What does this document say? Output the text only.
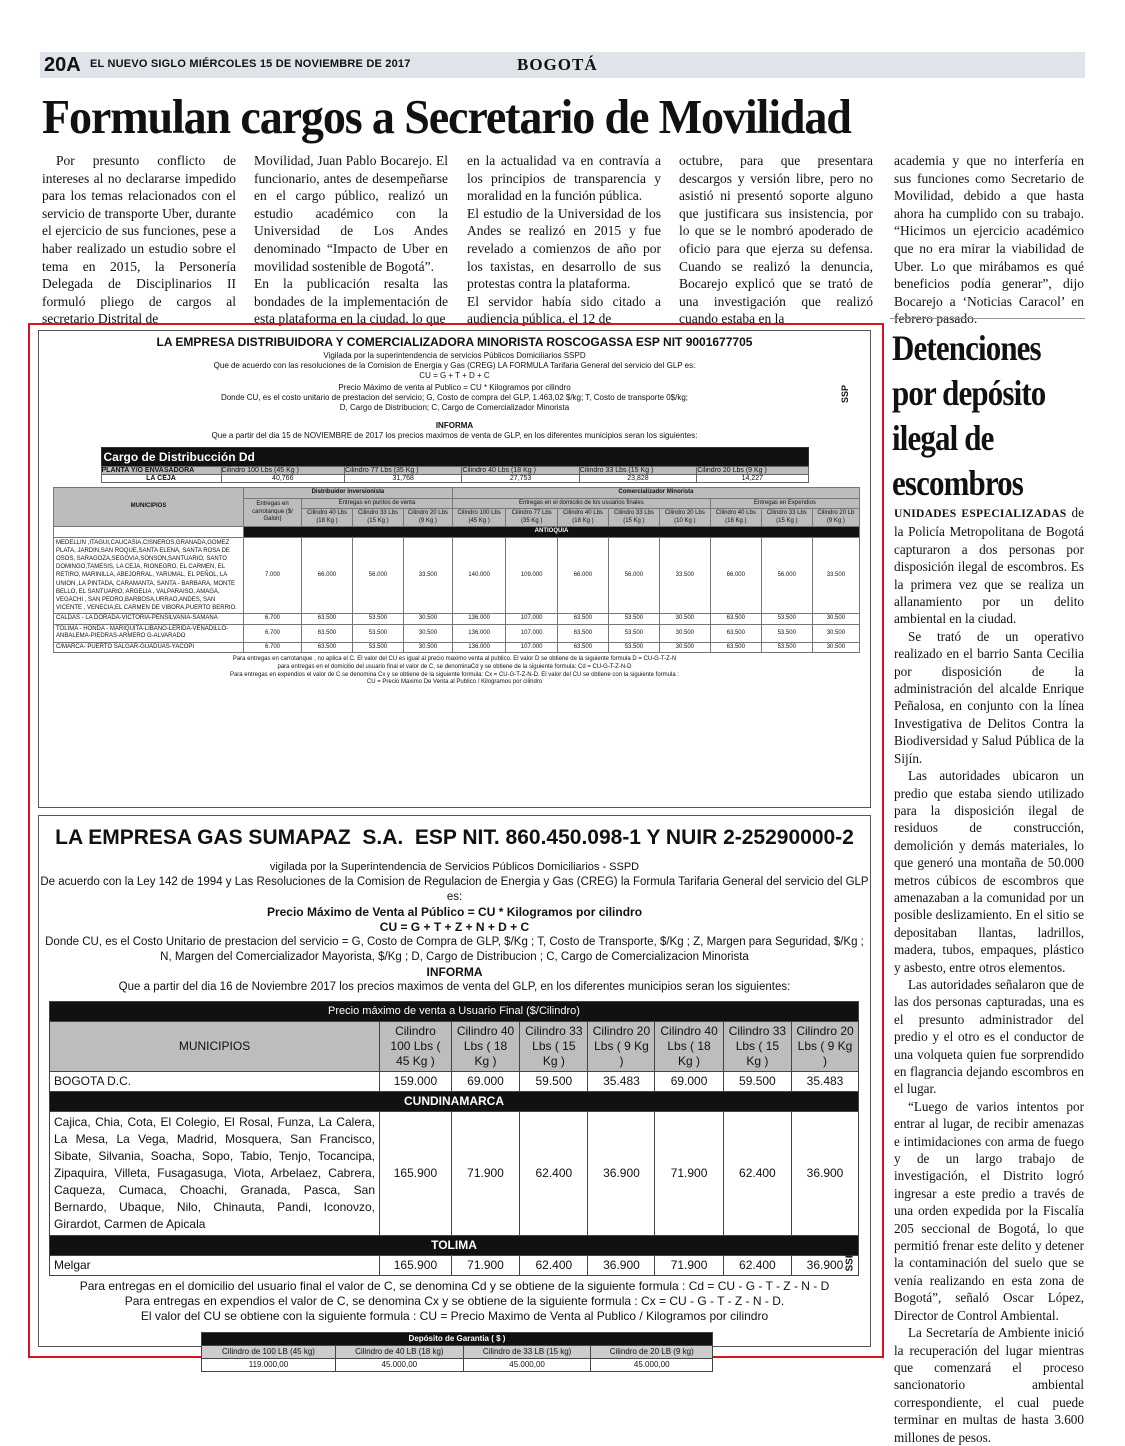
20A EL NUEVO SIGLO MIÉRCOLES 15 DE NOVIEMBRE DE 2017	BOGOTÁ
Formulan cargos a Secretario de Movilidad

Por presunto conflicto de intereses al no declararse impedido para los temas relacionados con el servicio de transporte Uber, durante el ejercicio de sus funciones, pese a haber realizado un estudio sobre el tema en 2015, la Personería Delegada de Disciplinarios II formuló pliego de cargos al secretario Distrital de

Movilidad, Juan Pablo Bocarejo. El funcionario, antes de desempeñarse en el cargo público, realizó un estudio académico con la Universidad de Los Andes denominado “Impacto de Uber en movilidad sostenible de Bogotá”.
En la publicación resalta las bondades de la implementación de esta plataforma en la ciudad, lo que
en la actualidad va en contravía a los principios de transparencia y moralidad en la función pública.
El estudio de la Universidad de los Andes se realizó en 2015 y fue revelado a comienzos de año por los taxistas, en desarrollo de sus protestas contra la plataforma.
El servidor había sido citado a audiencia pública, el 12 de

octubre, para que presentara descargos y versión libre, pero no asistió ni presentó soporte alguno que justificara sus insistencia, por lo que se le nombró apoderado de oficio para que ejerza su defensa. Cuando se realizó la denuncia, Bocarejo explicó que se trató de una investigación que realizó cuando estaba en la

academia y que no interfería en sus funciones como Secretario de Movilidad, debido a que hasta ahora ha cumplido con su trabajo. “Hicimos un ejercicio académico que no era mirar la viabilidad de Uber. Lo que mirábamos es qué beneficios podía generar”, dijo Bocarejo a ‘Noticias Caracol’ en febrero pasado.

LA EMPRESA DISTRIBUIDORA Y COMERCIALIZADORA MINORISTA ROSCOGASSA ESP NIT 9001677705
Vigilada por la superintendencia de servicios Públicos Domiciliarios SSPD
Que de acuerdo con las resoluciones de la Comision de Energia y Gas (CREG) LA FORMULA Tarifaria General del servicio del GLP es:
CU = G + T + D + C
Precio Máximo de venta al Publico = CU * Kilogramos por cilindro
Donde CU, es el costo unitario de prestacion del servicio; G, Costo de compra del GLP, 1.463,02 $/kg; T, Costo de transporte 0$/kg;
D, Cargo de Distribucion; C, Cargo de Comercializador Minorista
INFORMA
Que a partir del dia 15 de NOVIEMBRE de 2017 los precios maximos de venta de GLP, en los diferentes municipios seran los siguientes:
SSP
Cargo de Distribucción Dd					
PLANTA Y/O ENVASADORA	Cilindro 100 Lbs (45 Kg )	Cilindro 77 Lbs (35 Kg )	Cilindro 40 Lbs (18 Kg )	Cilindro 33 Lbs (15 Kg )	Cilindro 20 Lbs (9 Kg )
LA CEJA	40,766	31,768	27,753	23,828	14,227
MUNICIPIOS	Distribuidor inversionista				Comercializador Minorista							
	Entregas en carrotanque ($/ Galon)	Entregas en puntos de venta			Entregas en el domicilio de los usuarios finales					Entregas en Expendios		
		Cilindro 40 Lbs (18 Kg )	Cilindro 33 Lbs (15 Kg )	Cilindro 20 Lbs (9 Kg )	Cilindro 100 Lbs (45 Kg )	Cilindro 77 Lbs (35 Kg )	Cilindro 40 Lbs (18 Kg )	Cilindro 33 Lbs (15 Kg )	Cilindro 20 Lbs (10 Kg )	Cilindro 40 Lbs (18 Kg )	Cilindro 33 Lbs (15 Kg )	Cilindro 20 Lb (9 Kg )
	ANTIOQUIA											
MEDELLIN ,ITAGUI,CAUCASIA,CISNEROS,GRANADA,GOMEZ PLATA, JARDIN,SAN ROQUE,SANTA ELENA, SANTA ROSA DE OSOS, SARAGOZA,SEGOVIA,SONSON,SANTUARIO, SANTO DOMINGO,TAMESIS, LA CEJA, RIONEGRO, EL CARMEN, EL RETIRO, MARINILLA, ABEJORRAL, YARUMAL, EL PEÑOL, LA UNION ,LA PINTADA, CARAMANTA, SANTA - BARBARA, MONTE BELLO, EL SANTUARIO, ARGELIA , VALPARAISO, AMAGA, VEGACHI , SAN PEDRO,BARBOSA,URRAO,ANDES, SAN VICENTE , VENECIA,EL CARMEN DE VIBORA,PUERTO BERRIO.	7.000	66.000	56.000	33.500	140.000	109.000	66.000	56.000	33.500	66.000	56.000	33.500
CALDAS - LA DORADA-VICTORIA-PENSILVANIA-SAMANA	6.700	63.500	53.500	30.500	136.000	107.000	63.500	53.500	30.500	63.500	53.500	30.500
TOLIMA - HONDA - MARIQUITA-LIBANO-LERIDA-VENADILLO-ANBALEMA-PIEDRAS-ARMERO G-ALVARADO	6.700	63.500	53.500	30.500	136.000	107.000	63.500	53.500	30.500	63.500	53.500	30.500
C/MARCA- PUERTO SALGAR-GUADUAS-YACOPI	6.700	63.500	53.500	30.500	136.000	107.000	63.500	53.500	30.500	63.500	53.500	30.500
Para entregas en carrotanque , no aplica el C. El valor del CU es igual al precio maximo venta al publico. El valor D se obtiene de la siguiente formula D = CU-G-T-Z-N
para entregas en el domicilio del usuario final el valor de C, se denominaCd y se obtiene de la siguiente formula: Cd = CU-G-T-Z-N-D
Para entregas en expendios el valor de C se denomina Cx y se obtiene de la siguiente formula: Cx = CU-G-T-Z-N-D. El valor del CU se obtiene con la siguiente formula :
CU = Precio Maximo De Venta al Publico / Kilogramos por cilindro
LA EMPRESA GAS SUMAPAZ  S.A.  ESP NIT. 860.450.098-1 Y NUIR 2-25290000-2
vigilada por la Superintendencia de Servicios Públicos Domiciliarios - SSPD
De acuerdo con la Ley 142 de 1994 y Las Resoluciones de la Comision de Regulacion de Energia y Gas (CREG) la Formula Tarifaria General del servicio del GLP es:
Precio Máximo de Venta al Público = CU * Kilogramos por cilindro
CU = G + T + Z + N + D + C
Donde CU, es el Costo Unitario de prestacion del servicio = G, Costo de Compra de GLP, $/Kg ; T, Costo de Transporte, $/Kg ; Z, Margen para Seguridad, $/Kg ;
N, Margen del Comercializador Mayorista, $/Kg ; D, Cargo de Distribucion ; C, Cargo de Comercializacion Minorista
INFORMA
Que a partir del dia 16 de Noviembre 2017 los precios maximos de venta del GLP, en los diferentes municipios seran los siguientes:
Precio máximo de venta a Usuario Final ($/Cilindro)							
MUNICIPIOS	Cilindro 100 Lbs ( 45 Kg )	Cilindro 40 Lbs ( 18 Kg )	Cilindro 33 Lbs ( 15 Kg )	Cilindro 20 Lbs ( 9 Kg )	Cilindro 40 Lbs ( 18 Kg )	Cilindro 33 Lbs ( 15 Kg )	Cilindro 20 Lbs ( 9 Kg )
BOGOTA D.C.	159.000	69.000	59.500	35.483	69.000	59.500	35.483
CUNDINAMARCA							
Cajica, Chia, Cota, El Colegio, El Rosal, Funza, La Calera, La Mesa, La Vega, Madrid, Mosquera, San Francisco, Sibate, Silvania, Soacha, Sopo, Tabio, Tenjo, Tocancipa, Zipaquira, Villeta, Fusagasuga, Viota, Arbelaez, Cabrera, Caqueza, Cumaca, Choachi, Granada, Pasca, San Bernardo, Ubaque, Nilo, Chinauta, Pandi, Iconονzo, Girardot, Carmen de Apicala	165.900	71.900	62.400	36.900	71.900	62.400	36.900
TOLIMA							
Melgar	165.900	71.900	62.400	36.900	71.900	62.400	36.900
Para entregas en el domicilio del usuario final el valor de C, se denomina Cd y se obtiene de la siguiente formula : Cd = CU - G - T - Z - N - D
Para entregas en expendios el valor de C, se denomina Cx y se obtiene de la siguiente formula : Cx = CU - G - T - Z - N - D.
El valor del CU se obtiene con la siguiente formula : CU = Precio Maximo de Venta al Publico / Kilogramos por cilindro
SSP
Depósito de Garantia ( $ )			
Cilindro de 100 LB (45 kg)	Cilindro de 40 LB (18 kg)	Cilindro de 33 LB (15 kg)	Cilindro de 20 LB (9 kg)
119.000,00	45.000,00	45.000,00	45.000,00
Detenciones por depósito ilegal de escombros

UNIDADES ESPECIALIZADAS de la Policía Metropolitana de Bogotá capturaron a dos personas por disposición ilegal de escombros. Es la primera vez que se realiza un allanamiento por un delito ambiental en la ciudad.

Se trató de un operativo realizado en el barrio Santa Cecilia por disposición de la administración del alcalde Enrique Peñalosa, en conjunto con la línea Investigativa de Delitos Contra la Biodiversidad y Salud Pública de la Sijín.

Las autoridades ubicaron un predio que estaba siendo utilizado para la disposición ilegal de residuos de construcción, demolición y demás materiales, lo que generó una montaña de 50.000 metros cúbicos de escombros que amenazaban a la comunidad por un posible deslizamiento. En el sitio se depositaban llantas, ladrillos, madera, tubos, empaques, plástico y asbesto, entre otros elementos.

Las autoridades señalaron que de las dos personas capturadas, una es el presunto administrador del predio y el otro es el conductor de una volqueta quien fue sorprendido en flagrancia dejando escombros en el lugar.

“Luego de varios intentos por entrar al lugar, de recibir amenazas e intimidaciones con arma de fuego y de un largo trabajo de investigación, el Distrito logró ingresar a este predio a través de una orden expedida por la Fiscalía 205 seccional de Bogotá, lo que permitió frenar este delito y detener la contaminación del suelo que se venía realizando en esta zona de Bogotá”, señaló Oscar López, Director de Control Ambiental.

La Secretaría de Ambiente inició la recuperación del lugar mientras que comenzará el proceso sancionatorio ambiental correspondiente, el cual puede terminar en multas de hasta 3.600 millones de pesos.
